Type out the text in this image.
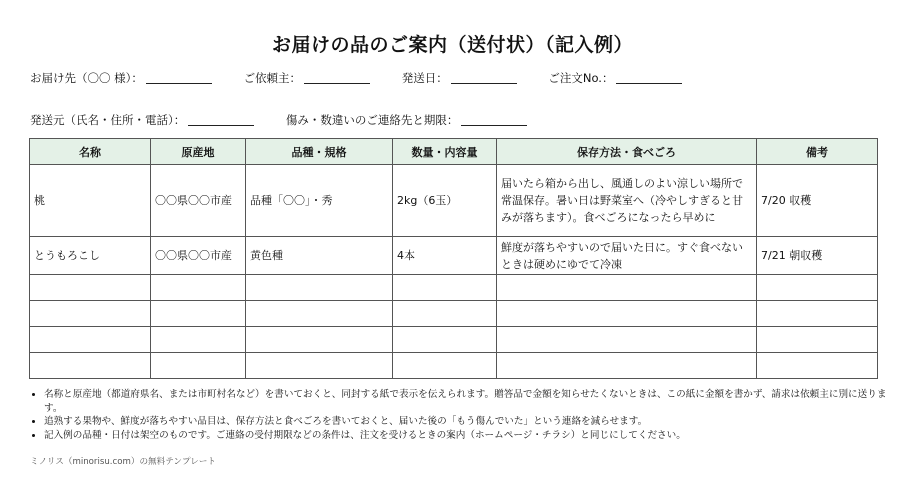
お届けの品のご案内（送付状）（記入例）
お届け先（〇〇 様）：	ご依頼主：	発送日：	ご注文No.：
発送元（氏名・住所・電話）：	傷み・数違いのご連絡先と期限：
名称	原産地	品種・規格	数量・内容量	保存方法・食べごろ	備考
桃	〇〇県〇〇市産	品種「〇〇」・秀	2kg（6玉）	届いたら箱から出し、風通しのよい涼しい場所で常温保存。暑い日は野菜室へ（冷やしすぎると甘みが落ちます）。食べごろになったら早めに	7/20 収穫
とうもろこし	〇〇県〇〇市産	黄色種	4本	鮮度が落ちやすいので届いた日に。すぐ食べないときは硬めにゆでて冷凍	7/21 朝収穫

• 名称と原産地（都道府県名、または市町村名など）を書いておくと、同封する紙で表示を伝えられます。贈答品で金額を知らせたくないときは、この紙に金額を書かず、請求は依頼主に別に送ります。
• 追熟する果物や、鮮度が落ちやすい品目は、保存方法と食べごろを書いておくと、届いた後の「もう傷んでいた」という連絡を減らせます。
• 記入例の品種・日付は架空のものです。ご連絡の受付期限などの条件は、注文を受けるときの案内（ホームページ・チラシ）と同じにしてください。
ミノリス（minorisu.com）の無料テンプレート
